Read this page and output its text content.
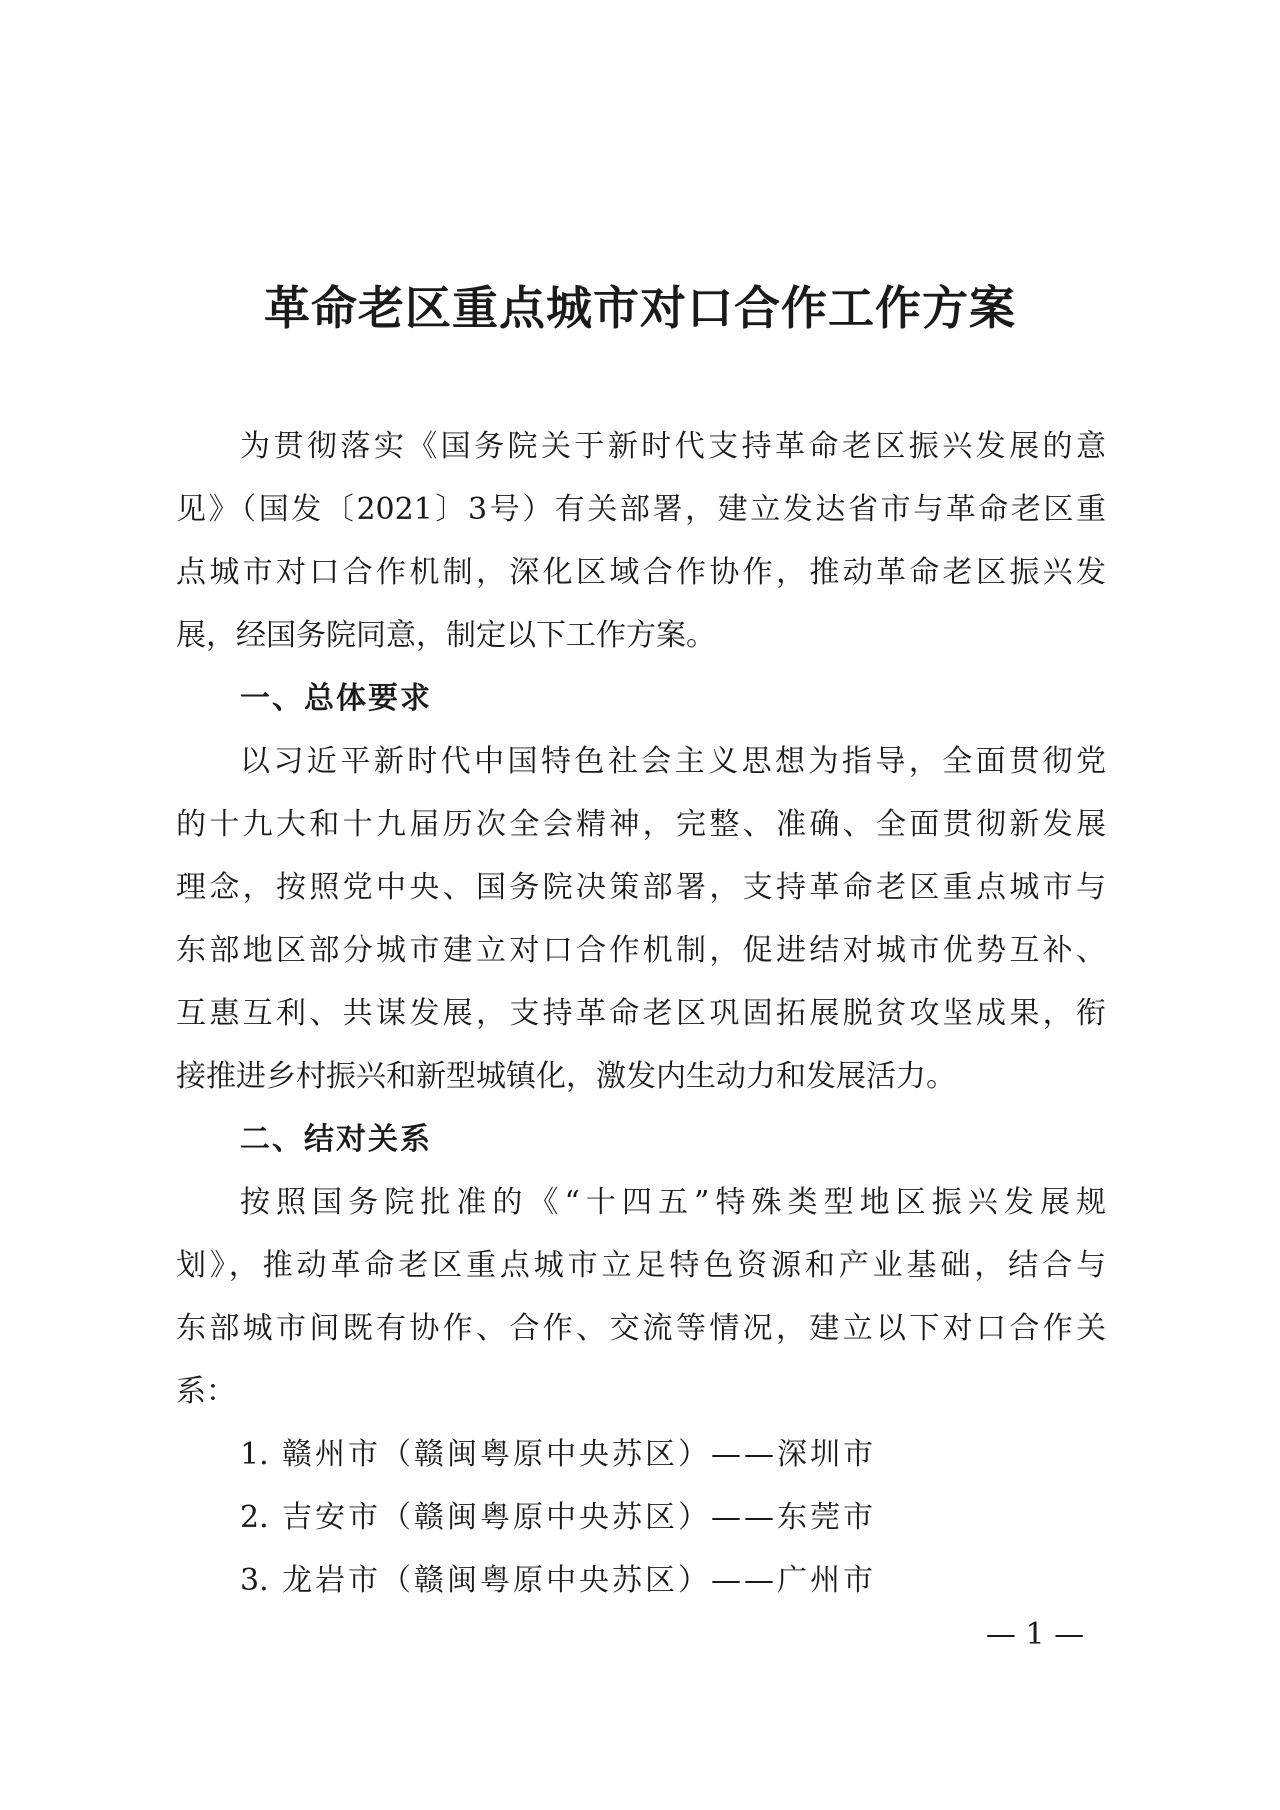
革命老区重点城市对口合作工作方案
为贯彻落实《国务院关于新时代支持革命老区振兴发展的意
见》（国发〔2021〕3号）有关部署，建立发达省市与革命老区重
点城市对口合作机制，深化区域合作协作，推动革命老区振兴发
展，经国务院同意，制定以下工作方案。
一、总体要求
以习近平新时代中国特色社会主义思想为指导，全面贯彻党
的十九大和十九届历次全会精神，完整、准确、全面贯彻新发展
理念，按照党中央、国务院决策部署，支持革命老区重点城市与
东部地区部分城市建立对口合作机制，促进结对城市优势互补、
互惠互利、共谋发展，支持革命老区巩固拓展脱贫攻坚成果，衔
接推进乡村振兴和新型城镇化，激发内生动力和发展活力。
二、结对关系
按照国务院批准的《“十四五”特殊类型地区振兴发展规
划》，推动革命老区重点城市立足特色资源和产业基础，结合与
东部城市间既有协作、合作、交流等情况，建立以下对口合作关
系：
1. 赣州市（赣闽粤原中央苏区）——深圳市
2. 吉安市（赣闽粤原中央苏区）——东莞市
3. 龙岩市（赣闽粤原中央苏区）——广州市
— 1 —
